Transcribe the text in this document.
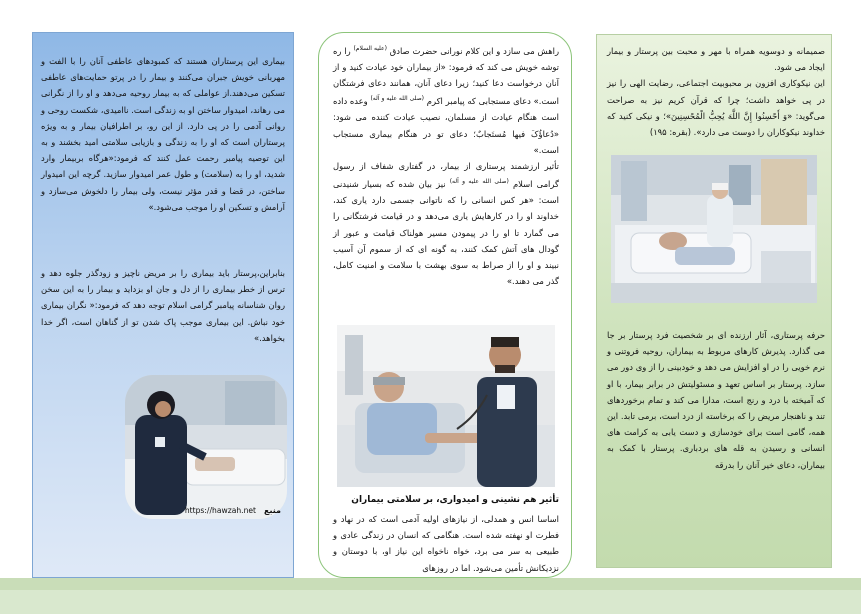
صمیمانه و دوسویه همراه با مهر و محبت بین پرستار و بیمار ایجاد می شود.

این نیکوکاری افزون بر محبوبیت اجتماعی، رضایت الهی را نیز در پی خواهد داشت؛ چرا که قرآن کریم نیز به صراحت می‌گوید: «وَ أَحْسِنُوا إِنَّ اللَّهَ یُحِبُّ الْمُحْسِنِینَ»؛ و نیکی کنید که خداوند نیکوکاران را دوست می دارد». (بقره: ۱۹۵)

حرفه پرستاری، آثار ارزنده ای بر شخصیت فرد پرستار بر جا می گذارد. پذیرش کارهای مربوط به بیماران، روحیه فروتنی و نرم خویی را در او افزایش می دهد و خودبینی را از وی دور می سازد. پرستار بر اساس تعهد و مسئولیتش در برابر بیمار، با او که آمیخته با درد و رنج است، مدارا می کند و تمام برخوردهای تند و ناهنجار مریض را که برخاسته از درد است، برمی تابد. این همه، گامی است برای خودسازی و دست یابی به کرامت های انسانی و رسیدن به قله های بردباری. پرستار با کمک به بیماران، دعای خیر آنان را بدرقه

راهش می سازد و این کلام نورانی حضرت صادق $^{(علیه السلام)}$ را ره توشه خویش می کند که فرمود: «از بیماران خود عیادت کنید و از آنان درخواست دعا کنید؛ زیرا دعای آنان، همانند دعای فرشتگان است.» دعای مستجابی که پیامبر اکرم $^{(صلی الله علیه و آله)}$ وعده داده است هنگام عیادت از مسلمان، نصیب عیادت کننده می شود: «دُعاؤُکَ فیها مُستَجابٌ؛ دعای تو در هنگام بیماری مستجاب است.»

تأثیر ارزشمند پرستاری از بیمار، در گفتاری شفاف از رسول گرامی اسلام $^{(صلی الله علیه و آله)}$ نیز بیان شده که بسیار شنیدنی است: «هر کس انسانی را که ناتوانی جسمی دارد یاری کند، خداوند او را در کارهایش یاری می‌دهد و در قیامت فرشتگانی را می گمارد تا او را در پیمودن مسیر هولناک قیامت و عبور از گودال های آتش کمک کنند، به گونه ای که از سموم آن آسیب نبیند و او را از صراط به سوی بهشت با سلامت و امنیت کامل، گذر می دهند.»

تأثیر هم نشینی و امیدواری، بر سلامتی بیماران

اساسا انس و همدلی، از نیازهای اولیه آدمی است که در نهاد و فطرت او نهفته شده است. هنگامی که انسان در زندگی عادی و طبیعی به سر می برد، خواه ناخواه این نیاز او، با دوستان و نزدیکانش تأمین می‌شود. اما در روزهای

بیماری این پرستاران هستند که کمبودهای عاطفی آنان را با الفت و مهربانی خویش جبران می‌کنند و بیمار را در پرتو حمایت‌های عاطفی تسکین می‌دهند.از عواملی که به بیمار روحیه می‌دهد و او را از نگرانی می رهاند، امیدوار ساختن او به زندگی است. ناامیدی، شکست روحی و روانی آدمی را در پی دارد. از این رو، بر اطرافیان بیمار و به ویژه پرستاران است که او را به زندگی و بازیابی سلامتی امید بخشند و به این توصیه پیامبر رحمت عمل کنند که فرمود:«هرگاه بربیمار وارد شدید، او را به (سلامت) و طول عمر امیدوار سازید. گرچه این امیدوار ساختن، در قضا و قدر مؤثر نیست، ولی بیمار را دلخوش می‌سازد و آرامش و تسکین او را موجب می‌شود.»

بنابراین،پرستار باید بیماری را بر مریض ناچیز و زودگذر جلوه دهد و ترس از خطر بیماری را از دل و جان او بزداید و بیمار را به این سخن روان شناسانه پیامبر گرامی اسلام توجه دهد که فرمود:« نگران بیماری خود نباش. این بیماری موجب پاک شدن تو از گناهان است، اگر خدا بخواهد.»

منبع
https://hawzah.net
